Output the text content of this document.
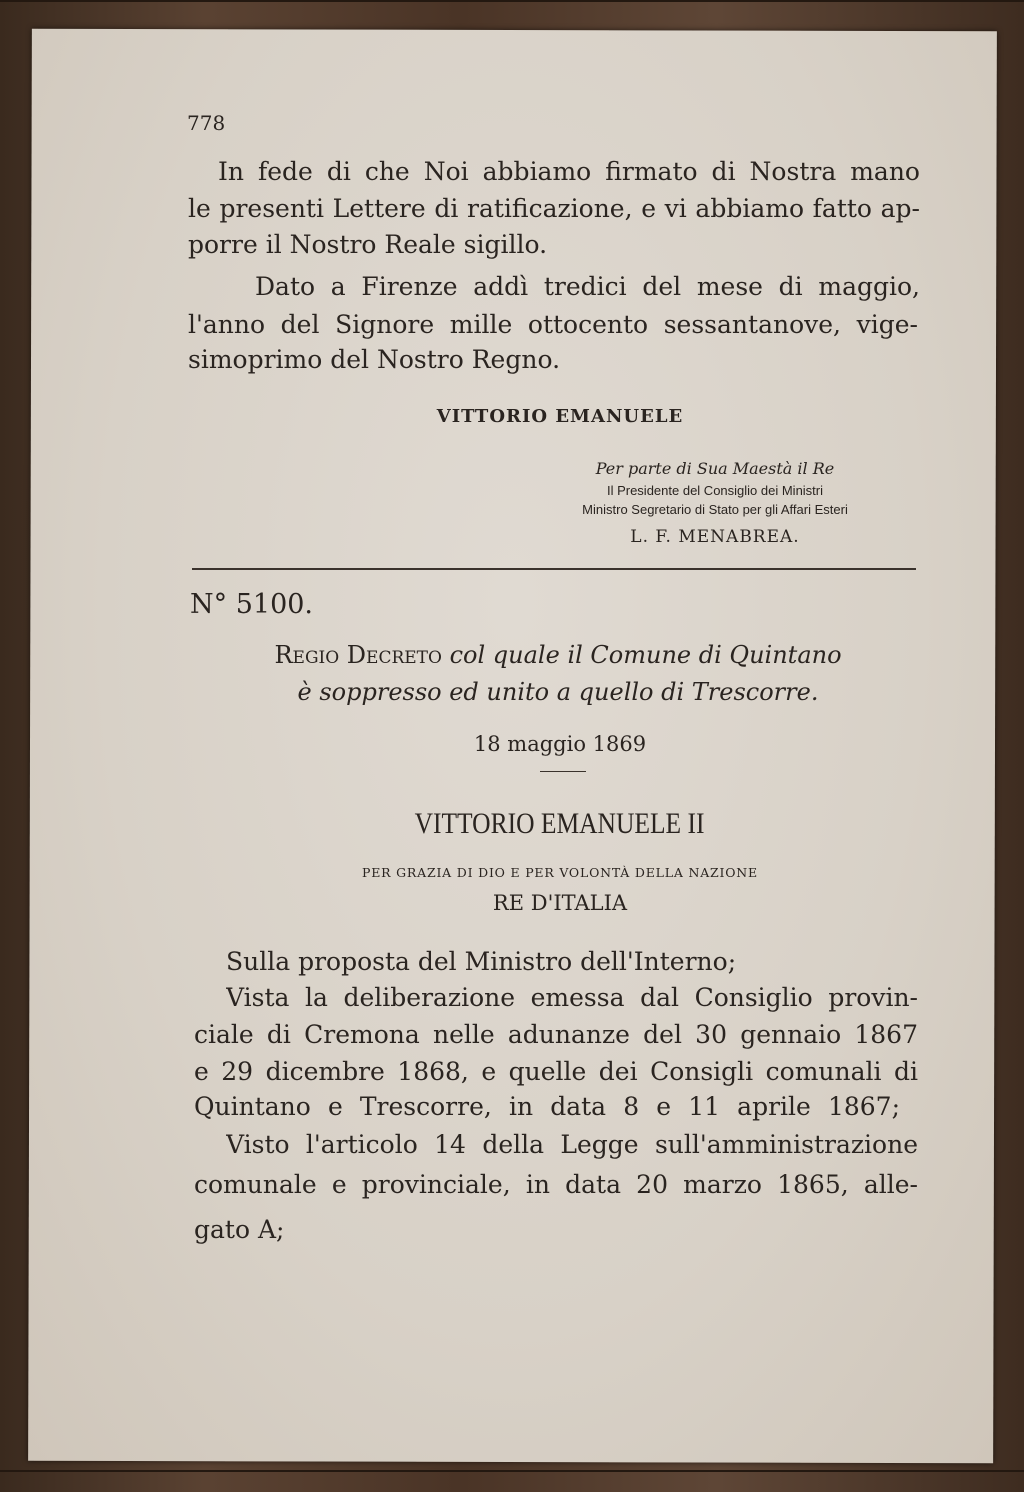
778
In fede di che Noi abbiamo firmato di Nostra mano
le presenti Lettere di ratificazione, e vi abbiamo fatto ap-
porre il Nostro Reale sigillo.
Dato a Firenze addì tredici del mese di maggio,
l'anno del Signore mille ottocento sessantanove, vige-
simoprimo del Nostro Regno.
VITTORIO EMANUELE
Per parte di Sua Maestà il Re
Il Presidente del Consiglio dei Ministri
Ministro Segretario di Stato per gli Affari Esteri
L. F. MENABREA.
N° 5100.
Regio Decreto col quale il Comune di Quintano
è soppresso ed unito a quello di Trescorre.
18 maggio 1869
VITTORIO EMANUELE II
PER GRAZIA DI DIO E PER VOLONTÀ DELLA NAZIONE
RE D'ITALIA
Sulla proposta del Ministro dell'Interno;
Vista la deliberazione emessa dal Consiglio provin-
ciale di Cremona nelle adunanze del 30 gennaio 1867
e 29 dicembre 1868, e quelle dei Consigli comunali di
Quintano e Trescorre, in data 8 e 11 aprile 1867;
Visto l'articolo 14 della Legge sull'amministrazione
comunale e provinciale, in data 20 marzo 1865, alle-
gato A;
